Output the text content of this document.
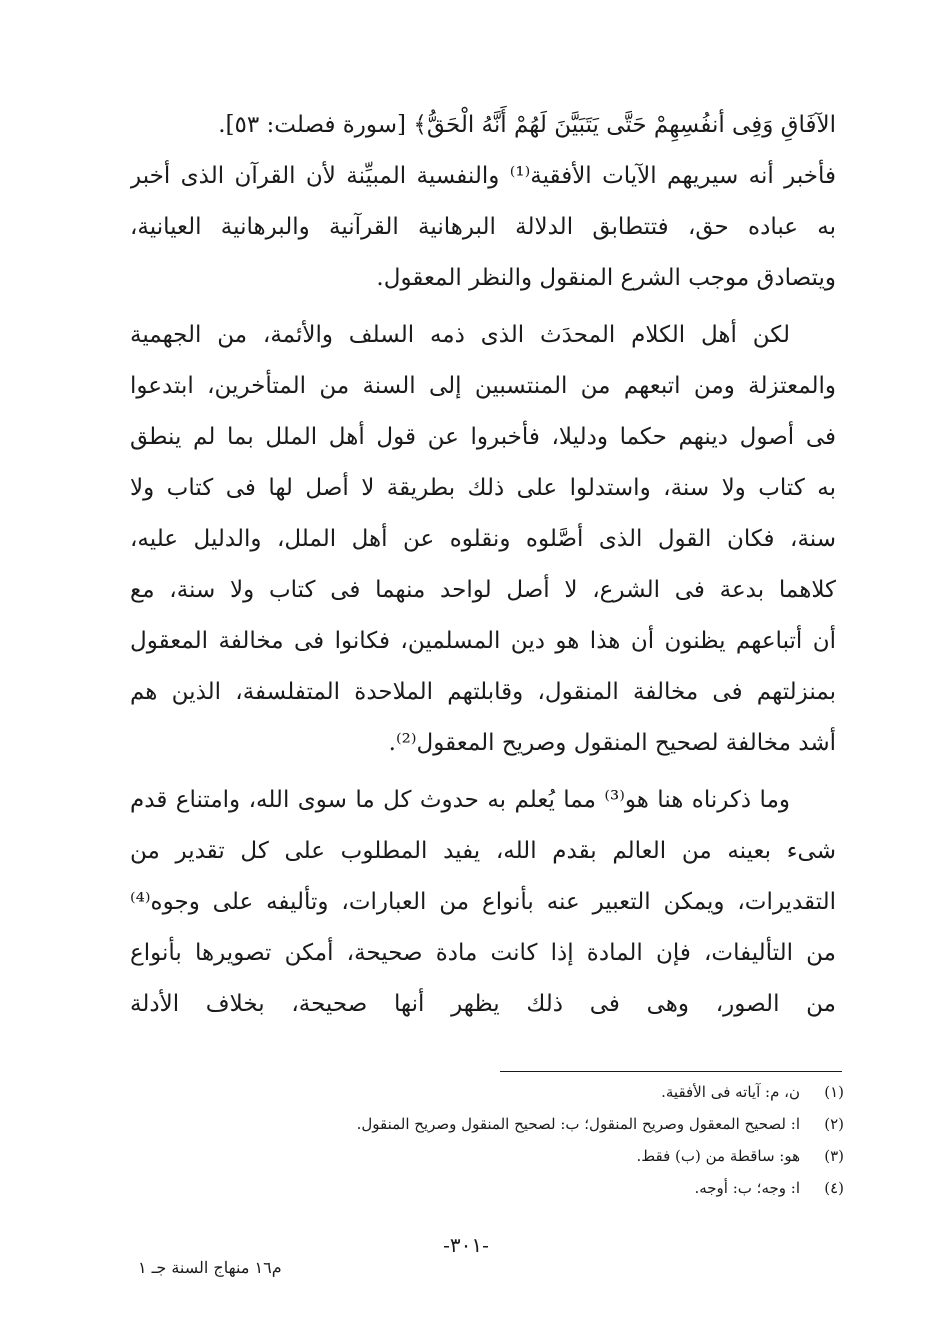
الآفَاقِ وَفِى أنفُسِهِمْ حَتَّى يَتَبَيَّنَ لَهُمْ أَنَّهُ الْحَقُّ﴾ [سورة فصلت: ٥٣].
فأخبر أنه سيريهم الآيات الأفقية⁽¹⁾ والنفسية المبيِّنة لأن القرآن الذى أخبر
به عباده حق، فتتطابق الدلالة البرهانية القرآنية والبرهانية العيانية،
ويتصادق موجب الشرع المنقول والنظر المعقول.
لكن أهل الكلام المحدَث الذى ذمه السلف والأئمة، من الجهمية
والمعتزلة ومن اتبعهم من المنتسبين إلى السنة من المتأخرين، ابتدعوا
فى أصول دينهم حكما ودليلا، فأخبروا عن قول أهل الملل بما لم ينطق
به كتاب ولا سنة، واستدلوا على ذلك بطريقة لا أصل لها فى كتاب ولا
سنة، فكان القول الذى أصَّلوه ونقلوه عن أهل الملل، والدليل عليه،
كلاهما بدعة فى الشرع، لا أصل لواحد منهما فى كتاب ولا سنة، مع
أن أتباعهم يظنون أن هذا هو دين المسلمين، فكانوا فى مخالفة المعقول
بمنزلتهم فى مخالفة المنقول، وقابلتهم الملاحدة المتفلسفة، الذين هم
أشد مخالفة لصحيح المنقول وصريح المعقول⁽²⁾.
وما ذكرناه هنا هو⁽³⁾ مما يُعلم به حدوث كل ما سوى الله، وامتناع قدم
شىء بعينه من العالم بقدم الله، يفيد المطلوب على كل تقدير من
التقديرات، ويمكن التعبير عنه بأنواع من العبارات، وتأليفه على وجوه⁽⁴⁾
من التأليفات، فإن المادة إذا كانت مادة صحيحة، أمكن تصويرها بأنواع
من الصور، وهى فى ذلك يظهر أنها صحيحة، بخلاف الأدلة
(١)ن، م: آياته فى الأفقية.
(٢)ا: لصحيح المعقول وصريح المنقول؛ ب: لصحيح المنقول وصريح المنقول.
(٣)هو: ساقطة من (ب) فقط.
(٤)ا: وجه؛ ب: أوجه.
-٣٠١-
م١٦ منهاج السنة جـ ١
